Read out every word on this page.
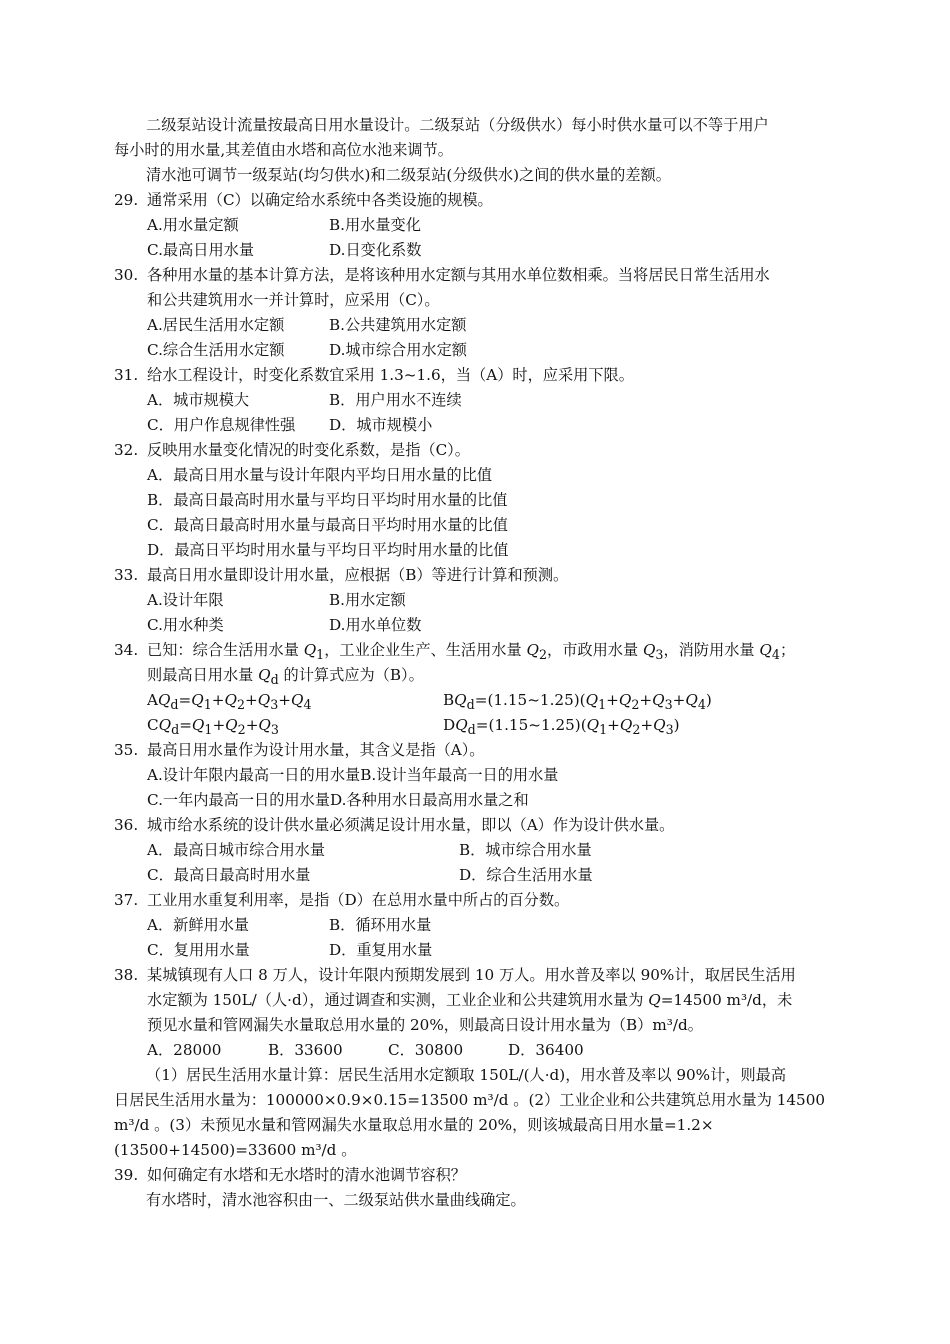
二级泵站设计流量按最高日用水量设计。二级泵站（分级供水）每小时供水量可以不等于用户
每小时的用水量,其差值由水塔和高位水池来调节。
清水池可调节一级泵站(均匀供水)和二级泵站(分级供水)之间的供水量的差额。
29. 通常采用（C）以确定给水系统中各类设施的规模。
A.用水量定额	B.用水量变化
C.最高日用水量	D.日变化系数
30. 各种用水量的基本计算方法，是将该种用水定额与其用水单位数相乘。当将居民日常生活用水
和公共建筑用水一并计算时，应采用（C）。
A.居民生活用水定额	B.公共建筑用水定额
C.综合生活用水定额	D.城市综合用水定额
31. 给水工程设计，时变化系数宜采用 1.3~1.6，当（A）时，应采用下限。
A．城市规模大	B．用户用水不连续
C．用户作息规律性强 D．城市规模小
32. 反映用水量变化情况的时变化系数，是指（C）。
A．最高日用水量与设计年限内平均日用水量的比值
B．最高日最高时用水量与平均日平均时用水量的比值
C．最高日最高时用水量与最高日平均时用水量的比值
D．最高日平均时用水量与平均日平均时用水量的比值
33. 最高日用水量即设计用水量，应根据（B）等进行计算和预测。
A.设计年限	B.用水定额
C.用水种类	D.用水单位数
34. 已知：综合生活用水量 $Q_1$，工业企业生产、生活用水量 $Q_2$，市政用水量 $Q_3$，消防用水量 $Q_4$；
则最高日用水量 $Q_d$ 的计算式应为（B）。
$AQ_d=Q_1+Q_2+Q_3+Q_4$	$BQ_d=(1.15\sim 1.25)(Q_1+Q_2+Q_3+Q_4)$
$CQ_d=Q_1+Q_2+Q_3$	$DQ_d=(1.15\sim 1.25)(Q_1+Q_2+Q_3)$
35. 最高日用水量作为设计用水量，其含义是指（A）。
A.设计年限内最高一日的用水量B.设计当年最高一日的用水量
C.一年内最高一日的用水量D.各种用水日最高用水量之和
36. 城市给水系统的设计供水量必须满足设计用水量，即以（A）作为设计供水量。
A．最高日城市综合用水量	B．城市综合用水量
C．最高日最高时用水量	D．综合生活用水量
37. 工业用水重复利用率，是指（D）在总用水量中所占的百分数。
A．新鲜用水量	B．循环用水量
C．复用用水量	D．重复用水量
38. 某城镇现有人口 8 万人，设计年限内预期发展到 10 万人。用水普及率以 90%计，取居民生活用
水定额为 150L/（人·d），通过调查和实测，工业企业和公共建筑用水量为 Q=14500 m³/d，未
预见水量和管网漏失水量取总用水量的 20%，则最高日设计用水量为（B）m³/d。
A．28000	B．33600	C．30800	D．36400
（1）居民生活用水量计算：居民生活用水定额取 150L/(人·d)，用水普及率以 90%计，则最高
日居民生活用水量为：100000×0.9×0.15=13500 m³/d 。(2）工业企业和公共建筑总用水量为 14500
m³/d 。(3）未预见水量和管网漏失水量取总用水量的 20%，则该城最高日用水量=1.2×
(13500+14500)=33600 m³/d 。
39. 如何确定有水塔和无水塔时的清水池调节容积？
有水塔时，清水池容积由一、二级泵站供水量曲线确定。
